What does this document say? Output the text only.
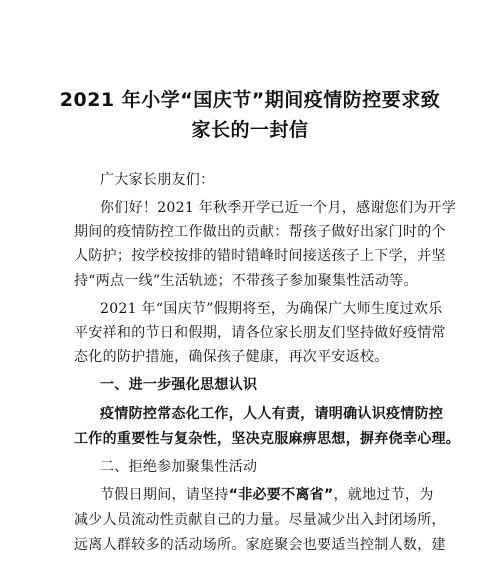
2021 年小学“国庆节”期间疫情防控要求致
家长的一封信
广大家长朋友们：
你们好！2021 年秋季开学已近一个月，感谢您们为开学
期间的疫情防控工作做出的贡献：帮孩子做好出家门时的个
人防护；按学校按排的错时错峰时间接送孩子上下学，并坚
持“两点一线”生活轨迹；不带孩子参加聚集性活动等。
2021 年“国庆节”假期将至，为确保广大师生度过欢乐
平安祥和的节日和假期，请各位家长朋友们坚持做好疫情常
态化的防护措施，确保孩子健康，再次平安返校。
一、进一步强化思想认识
疫情防控常态化工作，人人有责，请明确认识疫情防控
工作的重要性与复杂性，坚决克服麻痹思想，摒弃侥幸心理。
二、拒绝参加聚集性活动
节假日期间，请坚持“非必要不离省”，就地过节，为
减少人员流动性贡献自己的力量。尽量减少出入封闭场所，
远离人群较多的活动场所。家庭聚会也要适当控制人数，建
